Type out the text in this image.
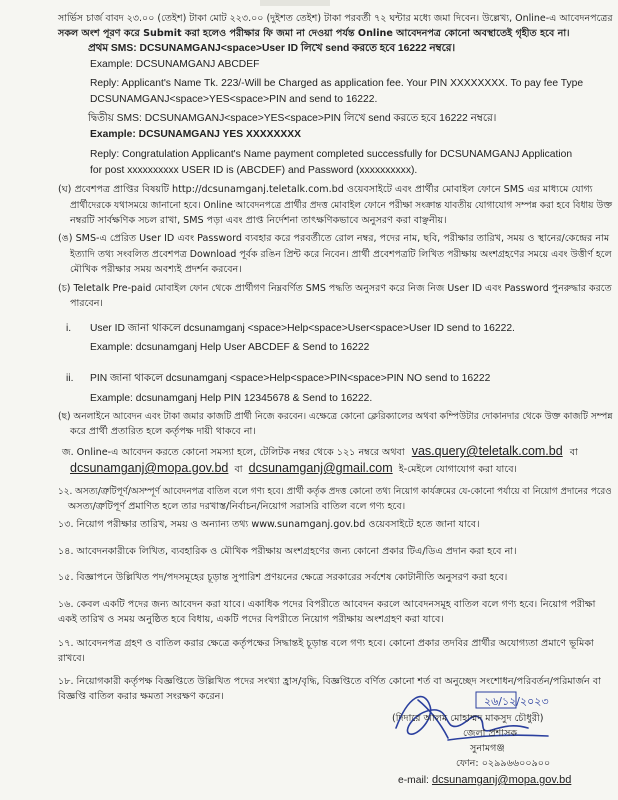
সার্ভিস চার্জ বাবদ ২৩.০০ (তেইশ) টাকা মোট ২২৩.০০ (দুইশত তেইশ) টাকা পরবর্তী ৭২ ঘন্টার মধ্যে জমা দিবেন। উল্লেখ্য, Online-এ আবেদনপত্রের
সকল অংশ পূরণ করে Submit করা হলেও পরীক্ষার ফি জমা না দেওয়া পর্যন্ত Online আবেদনপত্র কোনো অবস্থাতেই গৃহীত হবে না।
প্রথম SMS: DCSUNAMGANJ<space>User ID লিখে send করতে হবে 16222 নম্বরে।
Example: DCSUNAMGANJ ABCDEF
Reply: Applicant's Name Tk. 223/-Will be Charged as application fee. Your PIN XXXXXXXX. To pay fee Type
DCSUNAMGANJ<space>YES<space>PIN and send to 16222.
দ্বিতীয় SMS: DCSUNAMGANJ<space>YES<space>PIN লিখে send করতে হবে 16222 নম্বরে।
Example: DCSUNAMGANJ YES XXXXXXXX
Reply: Congratulation Applicant's Name payment completed successfully for DCSUNAMGANJ Application
for post xxxxxxxxxx USER ID is (ABCDEF) and Password (xxxxxxxxxx).
(ঘ) প্রবেশপত্র প্রাপ্তির বিষয়টি http://dcsunamganj.teletalk.com.bd ওয়েবসাইটে এবং প্রার্থীর মোবাইল ফোনে SMS এর মাধ্যমে যোগ্য
প্রার্থীদেরকে যথাসময়ে জানানো হবে। Online আবেদনপত্রে প্রার্থীর প্রদত্ত মোবাইল ফোনে পরীক্ষা সংক্রান্ত যাবতীয় যোগাযোগ সম্পন্ন করা হবে বিধায় উক্ত
নম্বরটি সার্বক্ষণিক সচল রাখা, SMS পড়া এবং প্রাপ্ত নির্দেশনা তাৎক্ষণিকভাবে অনুসরণ করা বাঞ্ছনীয়।
(ঙ) SMS-এ প্রেরিত User ID এবং Password ব্যবহার করে পরবর্তীতে রোল নম্বর, পদের নাম, ছবি, পরীক্ষার তারিখ, সময় ও স্থানের/কেন্দ্রের নাম
ইত্যাদি তথ্য সংবলিত প্রবেশপত্র Download পূর্বক রঙিন প্রিন্ট করে নিবেন। প্রার্থী প্রবেশপত্রটি লিখিত পরীক্ষায় অংশগ্রহণের সময়ে এবং উত্তীর্ণ হলে
মৌখিক পরীক্ষার সময় অবশ্যই প্রদর্শন করবেন।
(চ) Teletalk Pre-paid মোবাইল ফোন থেকে প্রার্থীগণ নিম্নবর্ণিত SMS পদ্ধতি অনুসরণ করে নিজ নিজ User ID এবং Password পুনরুদ্ধার করতে
পারবেন।
i. User ID জানা থাকলে dcsunamganj <space>Help<space>User<space>User ID send to 16222.
Example: dcsunamganj Help User ABCDEF & Send to 16222
ii. PIN জানা থাকলে dcsunamganj <space>Help<space>PIN<space>PIN NO send to 16222
Example: dcsunamganj Help PIN 12345678 & Send to 16222.
(ছ) অনলাইনে আবেদন এবং টাকা জমার কাজটি প্রার্থী নিজে করবেন। এক্ষেত্রে কোনো ক্লেরিক্যালের অথবা কম্পিউটার দোকানদার থেকে উক্ত কাজটি সম্পন্ন
করে প্রার্থী প্রতারিত হলে কর্তৃপক্ষ দায়ী থাকবে না।
জ. Online-এ আবেদন করতে কোনো সমস্যা হলে, টেলিটক নম্বর থেকে ১২১ নম্বরে অথবা vas.query@teletalk.com.bd বা
dcsunamganj@mopa.gov.bd বা dcsunamganj@gmail.com ই-মেইলে যোগাযোগ করা যাবে।
১২. অসত্য/ত্রুটিপূর্ণ/অসম্পূর্ণ আবেদনপত্র বাতিল বলে গণ্য হবে। প্রার্থী কর্তৃক প্রদত্ত কোনো তথ্য নিয়োগ কার্যক্রমের যে-কোনো পর্যায়ে বা নিয়োগ প্রদানের পরেও
অসত্য/ত্রুটিপূর্ণ প্রমাণিত হলে তার দরখাস্ত/নির্বাচন/নিয়োগ সরাসরি বাতিল বলে গণ্য হবে।
১৩. নিয়োগ পরীক্ষার তারিখ, সময় ও অন্যান্য তথ্য www.sunamganj.gov.bd ওয়েবসাইটে হতে জানা যাবে।
১৪. আবেদনকারীকে লিখিত, ব্যবহারিক ও মৌখিক পরীক্ষায় অংশগ্রহণের জন্য কোনো প্রকার টিএ/ডিএ প্রদান করা হবে না।
১৫. বিজ্ঞাপনে উল্লিখিত পদ/পদসমূহের চূড়ান্ত সুপারিশ প্রণয়নের ক্ষেত্রে সরকারের সর্বশেষ কোটানীতি অনুসরণ করা হবে।
১৬. কেবল একটি পদের জন্য আবেদন করা যাবে। একাধিক পদের বিপরীতে আবেদন করলে আবেদনসমূহ বাতিল বলে গণ্য হবে। নিয়োগ পরীক্ষা
একই তারিখ ও সময় অনুষ্ঠিত হবে বিধায়, একটি পদের বিপরীতে নিয়োগ পরীক্ষায় অংশগ্রহণ করা যাবে।
১৭. আবেদনপত্র গ্রহণ ও বাতিল করার ক্ষেত্রে কর্তৃপক্ষের সিদ্ধান্তই চূড়ান্ত বলে গণ্য হবে। কোনো প্রকার তদবির প্রার্থীর অযোগ্যতা প্রমাণে ভূমিকা
রাখবে।
১৮. নিয়োগকারী কর্তৃপক্ষ বিজ্ঞপ্তিতে উল্লিখিত পদের সংখ্যা হ্রাস/বৃদ্ধি, বিজ্ঞপ্তিতে বর্ণিত কোনো শর্ত বা অনুচ্ছেদ সংশোধন/পরিবর্তন/পরিমার্জন বা
বিজ্ঞপ্তি বাতিল করার ক্ষমতা সংরক্ষণ করেন।	২৬/১২/২০২৩
(দিদারে আলম মোহাম্মদ মাকসুদ চৌধুরী)
জেলা প্রশাসক
সুনামগঞ্জ
ফোন: ০২৯৯৬৬০০৯০০
e-mail: dcsunamganj@mopa.gov.bd
